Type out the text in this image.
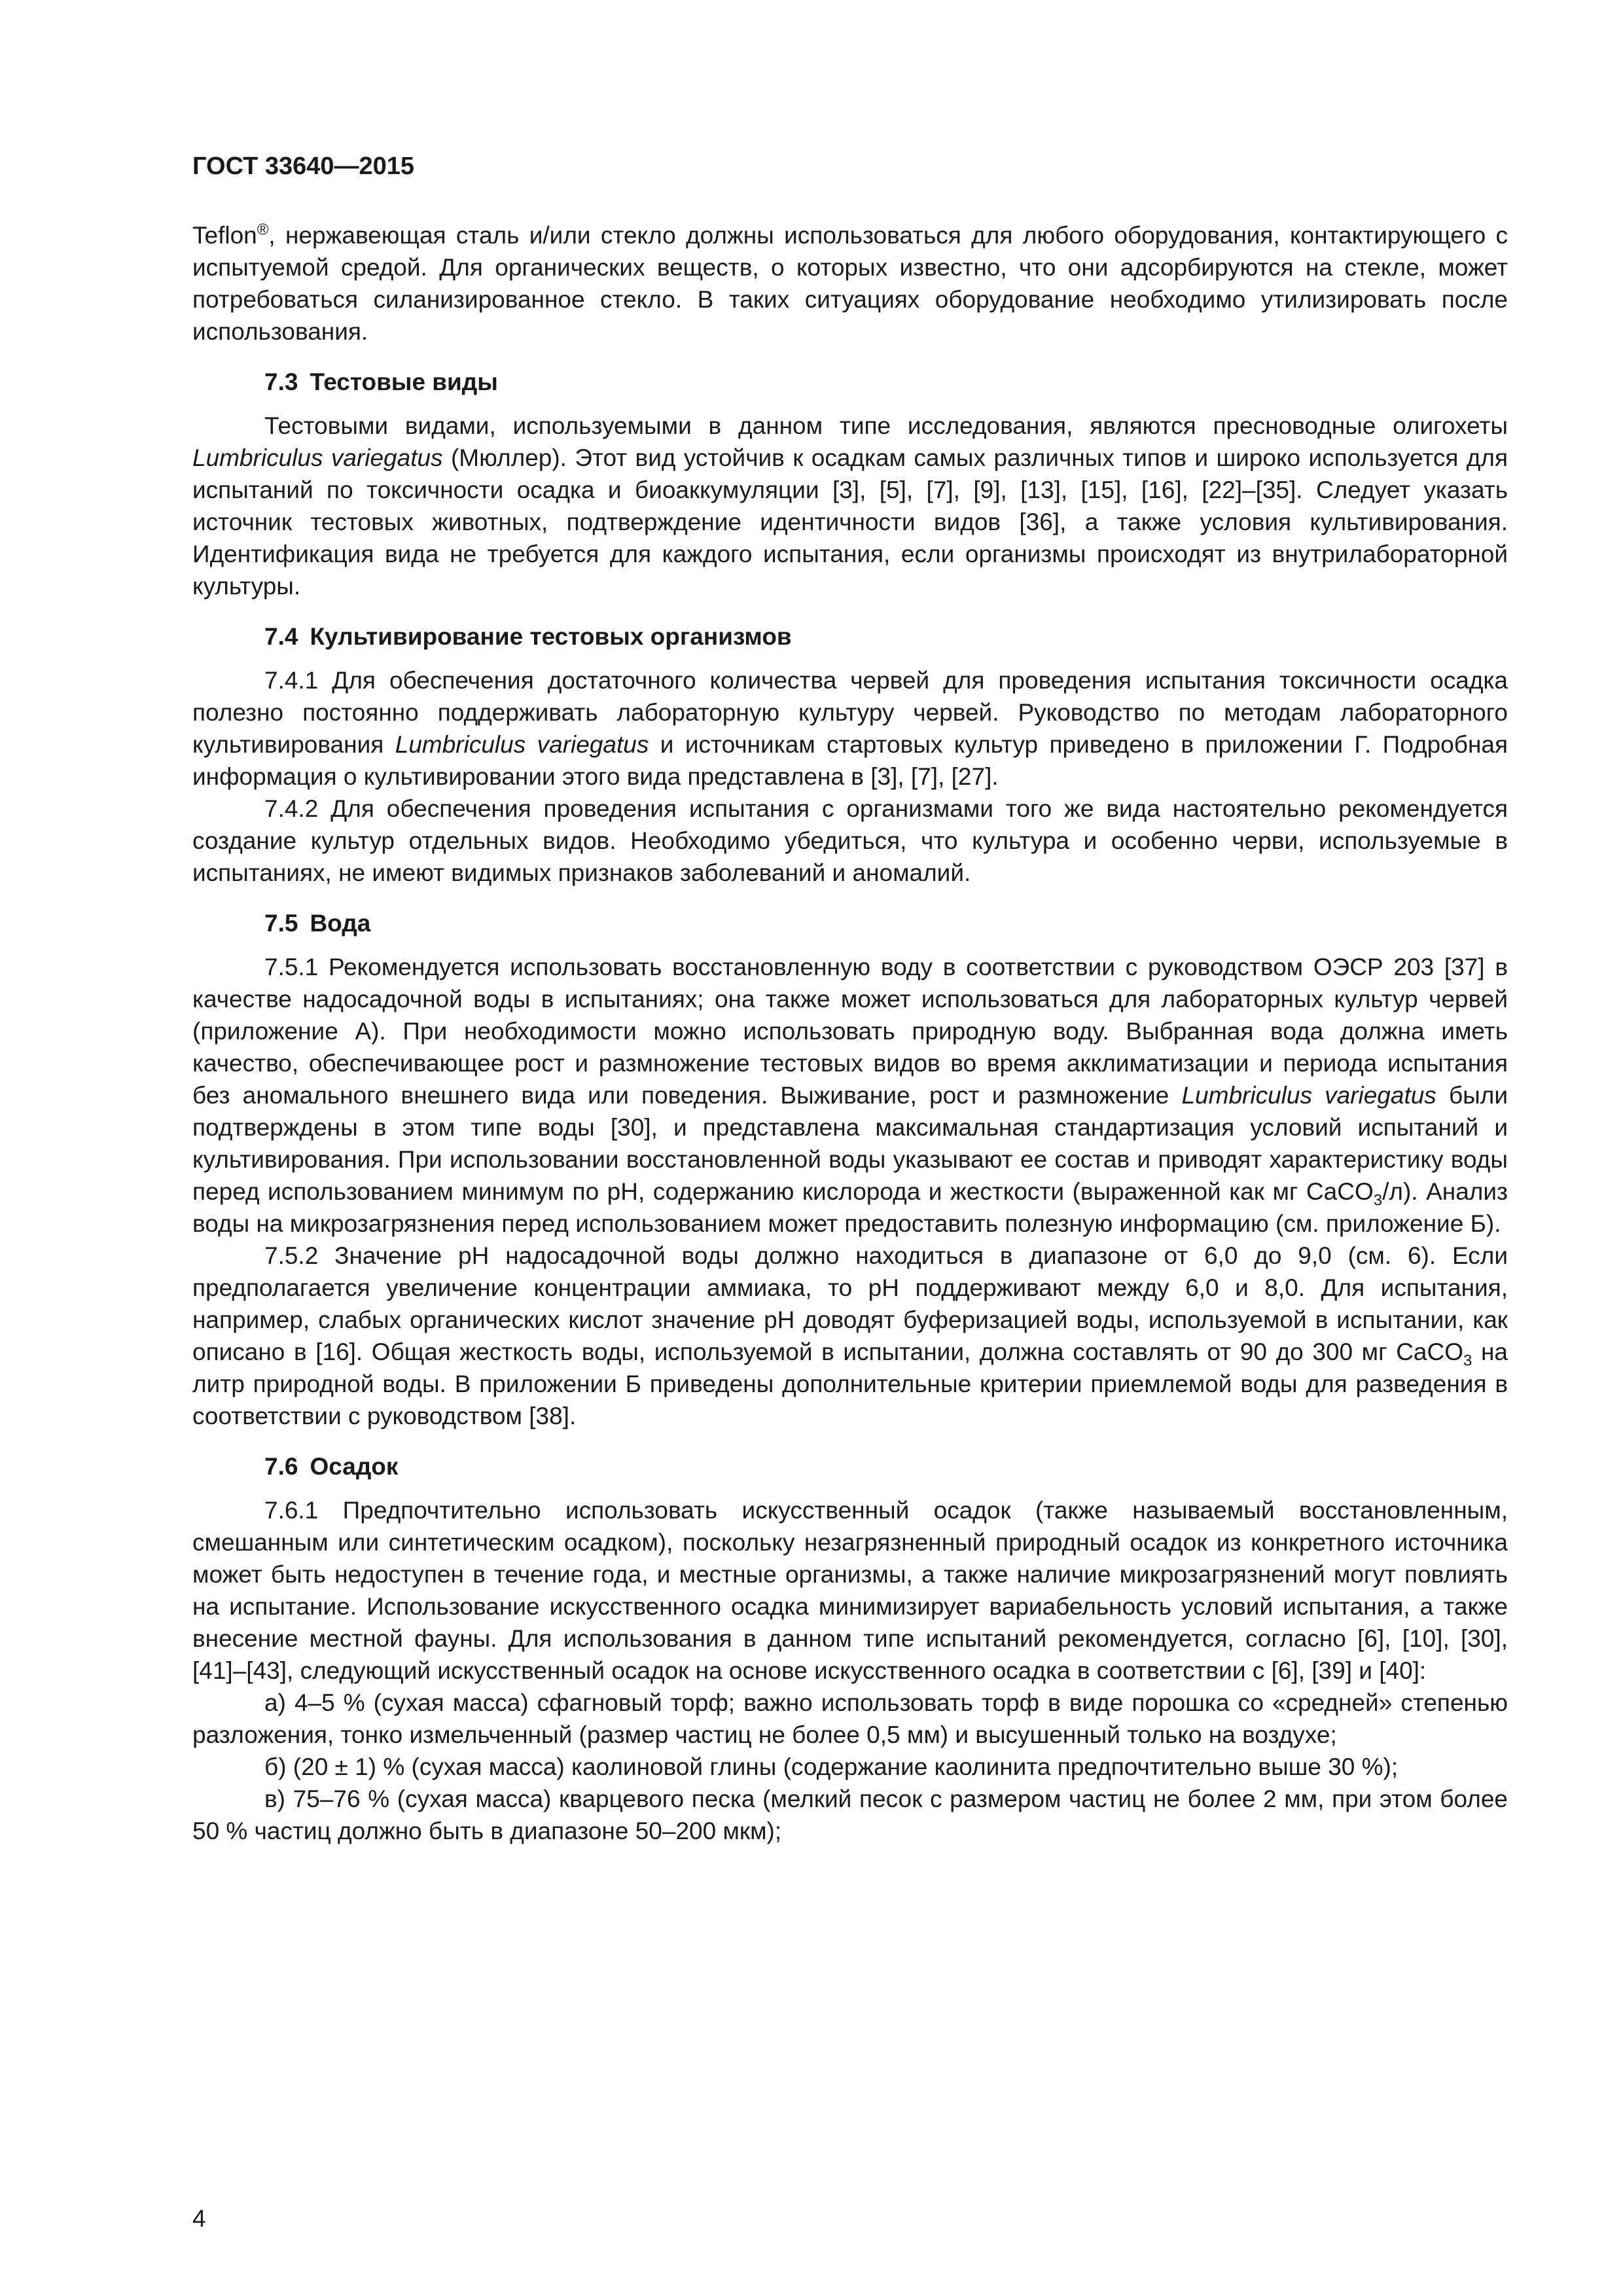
ГОСТ 33640—2015

Teflon®, нержавеющая сталь и/или стекло должны использоваться для любого оборудования, контактирующего с испытуемой средой. Для органических веществ, о которых известно, что они адсорбируются на стекле, может потребоваться силанизированное стекло. В таких ситуациях оборудование необходимо утилизировать после использования.

7.3 Тестовые виды

Тестовыми видами, используемыми в данном типе исследования, являются пресноводные олигохеты Lumbriculus variegatus (Мюллер). Этот вид устойчив к осадкам самых различных типов и широко используется для испытаний по токсичности осадка и биоаккумуляции [3], [5], [7], [9], [13], [15], [16], [22]–[35]. Следует указать источник тестовых животных, подтверждение идентичности видов [36], а также условия культивирования. Идентификация вида не требуется для каждого испытания, если организмы происходят из внутрилабораторной культуры.

7.4 Культивирование тестовых организмов

7.4.1 Для обеспечения достаточного количества червей для проведения испытания токсичности осадка полезно постоянно поддерживать лабораторную культуру червей. Руководство по методам лабораторного культивирования Lumbriculus variegatus и источникам стартовых культур приведено в приложении Г. Подробная информация о культивировании этого вида представлена в [3], [7], [27].

7.4.2 Для обеспечения проведения испытания с организмами того же вида настоятельно рекомендуется создание культур отдельных видов. Необходимо убедиться, что культура и особенно черви, используемые в испытаниях, не имеют видимых признаков заболеваний и аномалий.

7.5 Вода

7.5.1 Рекомендуется использовать восстановленную воду в соответствии с руководством ОЭСР 203 [37] в качестве надосадочной воды в испытаниях; она также может использоваться для лабораторных культур червей (приложение А). При необходимости можно использовать природную воду. Выбранная вода должна иметь качество, обеспечивающее рост и размножение тестовых видов во время акклиматизации и периода испытания без аномального внешнего вида или поведения. Выживание, рост и размножение Lumbriculus variegatus были подтверждены в этом типе воды [30], и представлена максимальная стандартизация условий испытаний и культивирования. При использовании восстановленной воды указывают ее состав и приводят характеристику воды перед использованием минимум по pH, содержанию кислорода и жесткости (выраженной как мг CaCO$_3$/л). Анализ воды на микрозагрязнения перед использованием может предоставить полезную информацию (см. приложение Б).

7.5.2 Значение pH надосадочной воды должно находиться в диапазоне от 6,0 до 9,0 (см. 6). Если предполагается увеличение концентрации аммиака, то pH поддерживают между 6,0 и 8,0. Для испытания, например, слабых органических кислот значение pH доводят буферизацией воды, используемой в испытании, как описано в [16]. Общая жесткость воды, используемой в испытании, должна составлять от 90 до 300 мг CaCO$_3$ на литр природной воды. В приложении Б приведены дополнительные критерии приемлемой воды для разведения в соответствии с руководством [38].

7.6 Осадок

7.6.1 Предпочтительно использовать искусственный осадок (также называемый восстановленным, смешанным или синтетическим осадком), поскольку незагрязненный природный осадок из конкретного источника может быть недоступен в течение года, и местные организмы, а также наличие микрозагрязнений могут повлиять на испытание. Использование искусственного осадка минимизирует вариабельность условий испытания, а также внесение местной фауны. Для использования в данном типе испытаний рекомендуется, согласно [6], [10], [30], [41]–[43], следующий искусственный осадок на основе искусственного осадка в соответствии с [6], [39] и [40]:

а) 4–5 % (сухая масса) сфагновый торф; важно использовать торф в виде порошка со «средней» степенью разложения, тонко измельченный (размер частиц не более 0,5 мм) и высушенный только на воздухе;

б) (20 ± 1) % (сухая масса) каолиновой глины (содержание каолинита предпочтительно выше 30 %);

в) 75–76 % (сухая масса) кварцевого песка (мелкий песок с размером частиц не более 2 мм, при этом более 50 % частиц должно быть в диапазоне 50–200 мкм);

4
